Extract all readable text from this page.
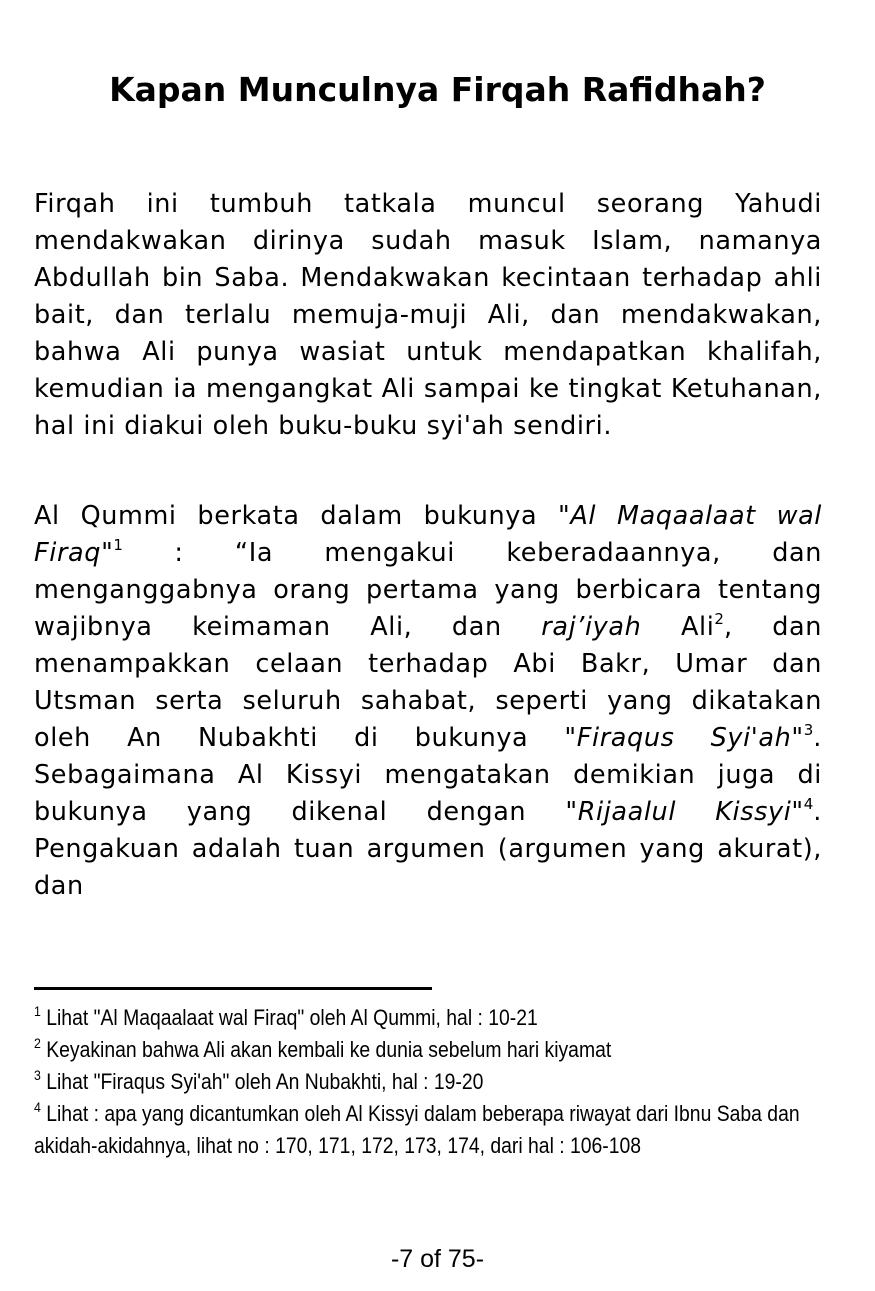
Kapan Munculnya Firqah Rafidhah?

Firqah ini tumbuh tatkala muncul seorang Yahudi mendakwakan dirinya sudah masuk Islam, namanya Abdullah bin Saba. Mendakwakan kecintaan terhadap ahli bait, dan terlalu memuja-muji Ali, dan mendakwakan, bahwa Ali punya wasiat untuk mendapatkan khalifah, kemudian ia mengangkat Ali sampai ke tingkat Ketuhanan, hal ini diakui oleh buku-buku syi'ah sendiri.

Al Qummi berkata dalam bukunya "Al Maqaalaat wal Firaq"$^1$ : “Ia mengakui keberadaannya, dan menganggabnya orang pertama yang berbicara tentang wajibnya keimaman Ali, dan raj’iyah Ali$^2$, dan menampakkan celaan terhadap Abi Bakr, Umar dan Utsman serta seluruh sahabat, seperti yang dikatakan oleh An Nubakhti di bukunya "Firaqus Syi'ah"$^3$. Sebagaimana Al Kissyi mengatakan demikian juga di bukunya yang dikenal dengan "Rijaalul Kissyi"$^4$. Pengakuan adalah tuan argumen (argumen yang akurat), dan

$^1$ Lihat "Al Maqaalaat wal Firaq" oleh Al Qummi, hal : 10-21

$^2$ Keyakinan bahwa Ali akan kembali ke dunia sebelum hari kiyamat

$^3$ Lihat "Firaqus Syi'ah" oleh An Nubakhti, hal : 19-20

$^4$ Lihat : apa yang dicantumkan oleh Al Kissyi dalam beberapa riwayat dari Ibnu Saba dan akidah-akidahnya, lihat no : 170, 171, 172, 173, 174, dari hal : 106-108

-7 of 75-
